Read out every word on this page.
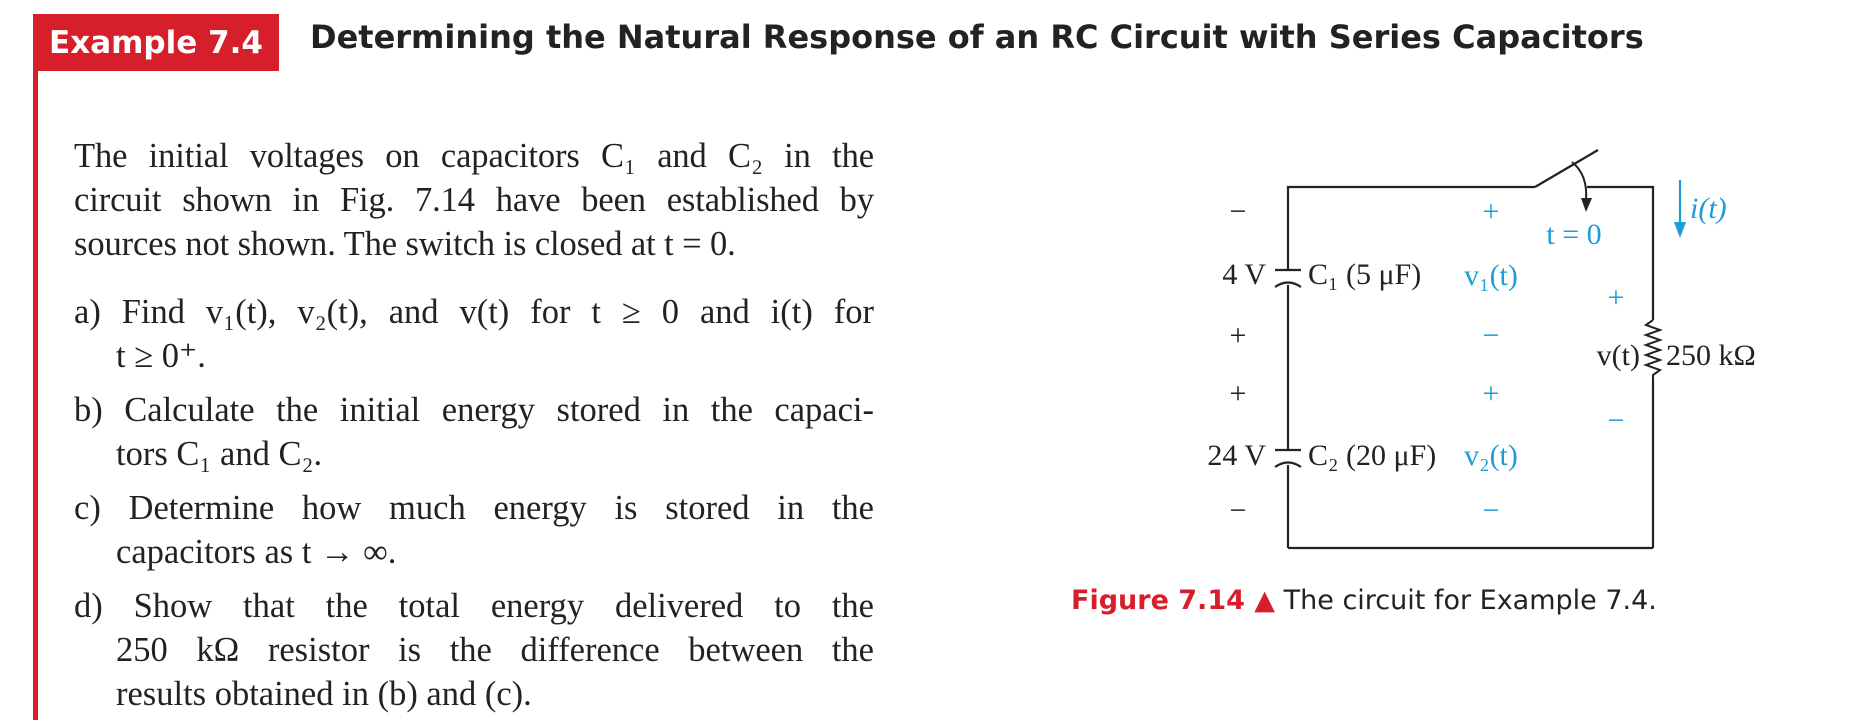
Example 7.4	Determining the Natural Response of an RC Circuit with Series Capacitors
The initial voltages on capacitors C₁ and C₂ in the
circuit shown in Fig. 7.14 have been established by
sources not shown. The switch is closed at t = 0.
a) Find v₁(t), v₂(t), and v(t) for t ≥ 0 and i(t) for
t ≥ 0⁺.
b) Calculate the initial energy stored in the capaci-
tors C₁ and C₂.
c) Determine how much energy is stored in the
capacitors as t → ∞.
d) Show that the total energy delivered to the
250 kΩ resistor is the difference between the
results obtained in (b) and (c).
−
4 V
+
+
24 V
−
C₁ (5 μF)
C₂ (20 μF)
+
v₁(t)
−
+
v₂(t)
−
t = 0
i(t)
+
v(t)
−
250 kΩ
Figure 7.14 ▲ The circuit for Example 7.4.
